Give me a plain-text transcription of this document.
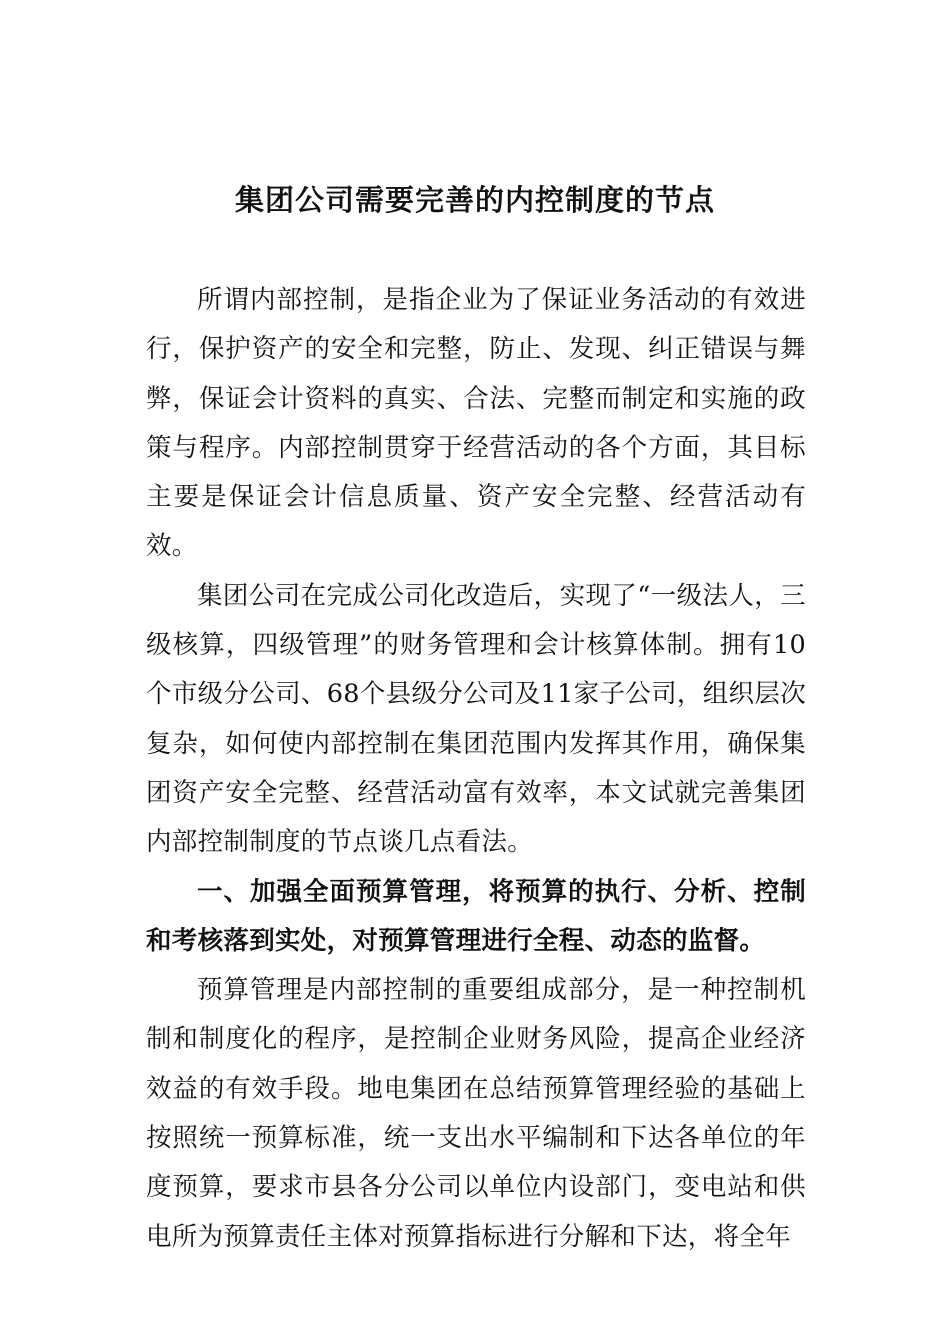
集团公司需要完善的内控制度的节点

所谓内部控制，是指企业为了保证业务活动的有效进行，保护资产的安全和完整，防止、发现、纠正错误与舞弊，保证会计资料的真实、合法、完整而制定和实施的政策与程序。内部控制贯穿于经营活动的各个方面，其目标主要是保证会计信息质量、资产安全完整、经营活动有效。

集团公司在完成公司化改造后，实现了“一级法人，三级核算，四级管理”的财务管理和会计核算体制。拥有10个市级分公司、68个县级分公司及11家子公司，组织层次复杂，如何使内部控制在集团范围内发挥其作用，确保集团资产安全完整、经营活动富有效率，本文试就完善集团内部控制制度的节点谈几点看法。

一、加强全面预算管理，将预算的执行、分析、控制和考核落到实处，对预算管理进行全程、动态的监督。

预算管理是内部控制的重要组成部分，是一种控制机制和制度化的程序，是控制企业财务风险，提高企业经济效益的有效手段。地电集团在总结预算管理经验的基础上按照统一预算标准，统一支出水平编制和下达各单位的年度预算，要求市县各分公司以单位内设部门，变电站和供电所为预算责任主体对预算指标进行分解和下达，将全年
